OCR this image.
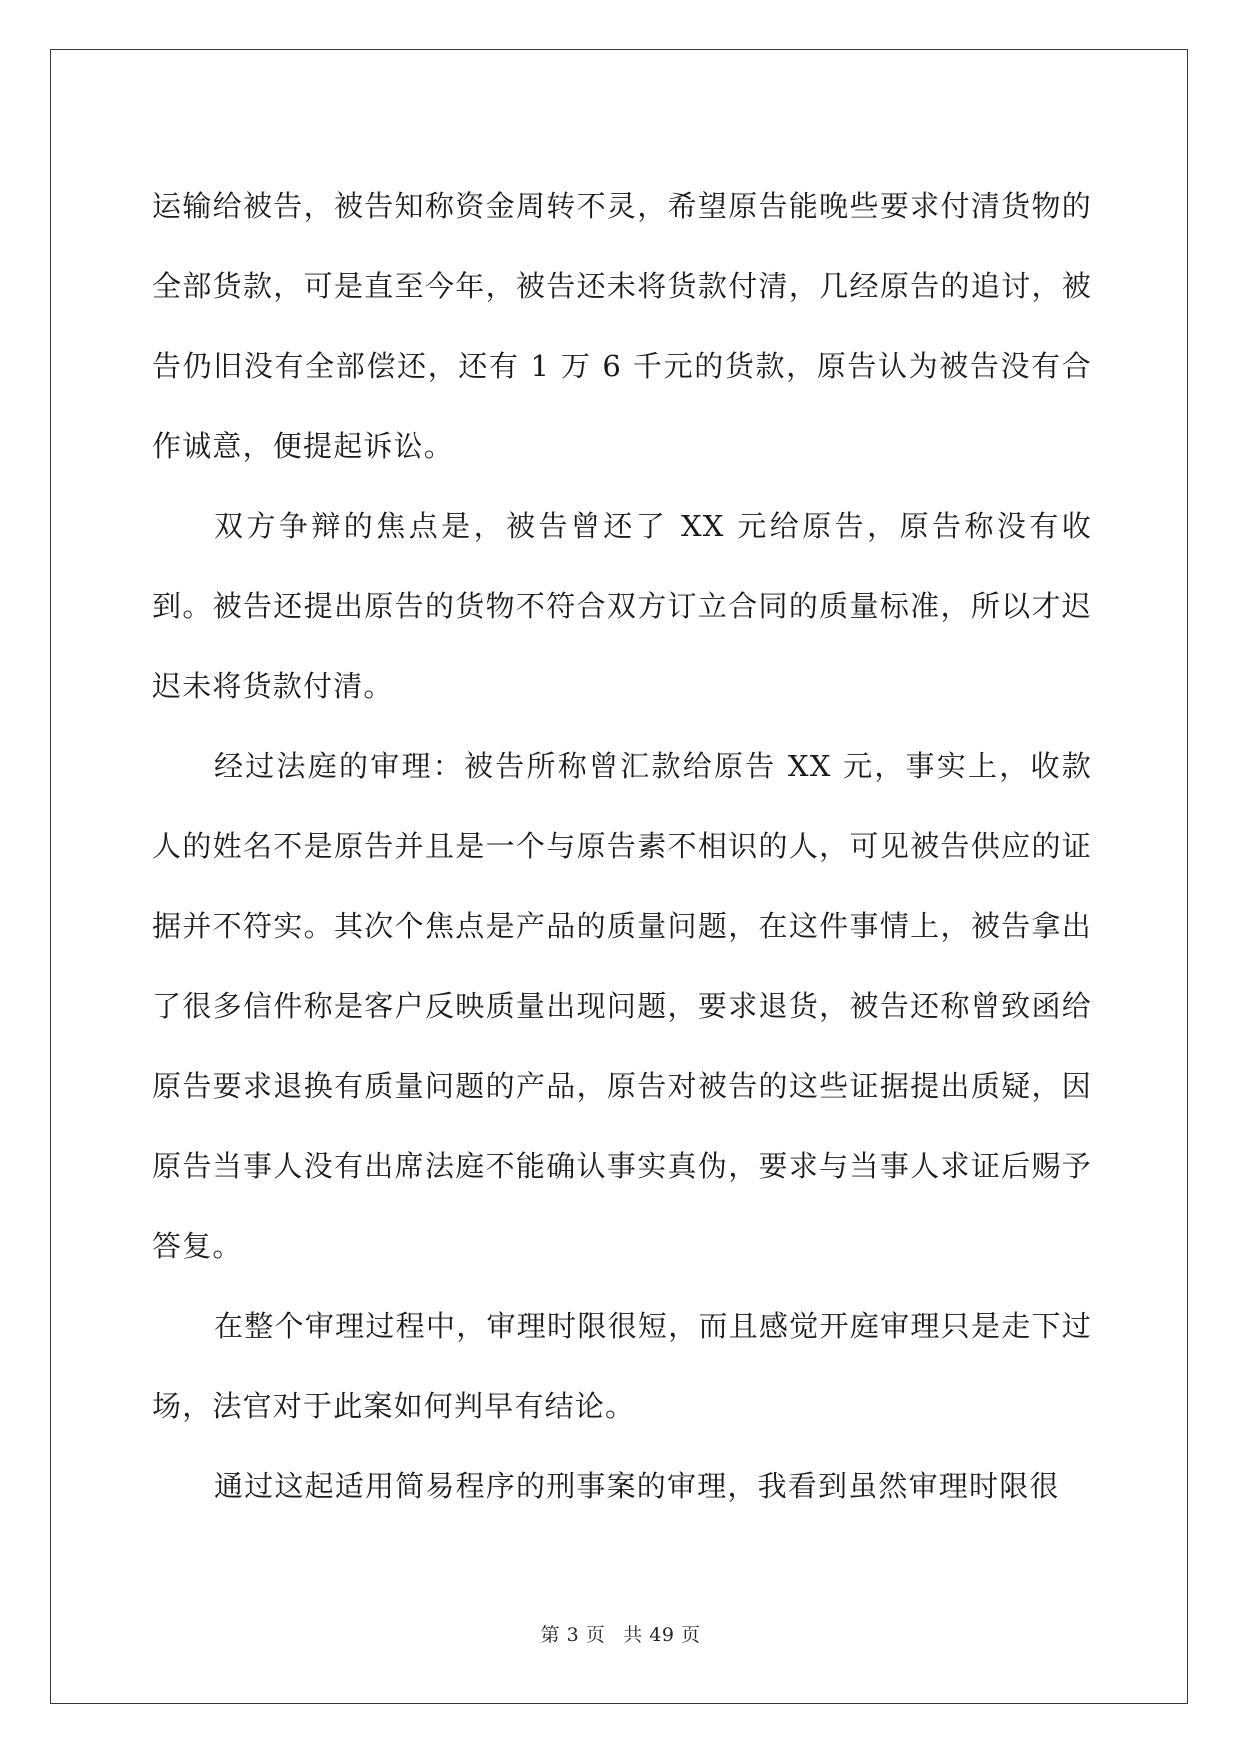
运输给被告，被告知称资金周转不灵，希望原告能晚些要求付清货物的全部货款，可是直至今年，被告还未将货款付清，几经原告的追讨，被告仍旧没有全部偿还，还有 1 万 6 千元的货款，原告认为被告没有合作诚意，便提起诉讼。

双方争辩的焦点是，被告曾还了 XX 元给原告，原告称没有收到。被告还提出原告的货物不符合双方订立合同的质量标准，所以才迟迟未将货款付清。

经过法庭的审理：被告所称曾汇款给原告 XX 元，事实上，收款人的姓名不是原告并且是一个与原告素不相识的人，可见被告供应的证据并不符实。其次个焦点是产品的质量问题，在这件事情上，被告拿出了很多信件称是客户反映质量出现问题，要求退货，被告还称曾致函给原告要求退换有质量问题的产品，原告对被告的这些证据提出质疑，因原告当事人没有出席法庭不能确认事实真伪，要求与当事人求证后赐予答复。

在整个审理过程中，审理时限很短，而且感觉开庭审理只是走下过场，法官对于此案如何判早有结论。

通过这起适用简易程序的刑事案的审理，我看到虽然审理时限很

第 3 页 共 49 页
